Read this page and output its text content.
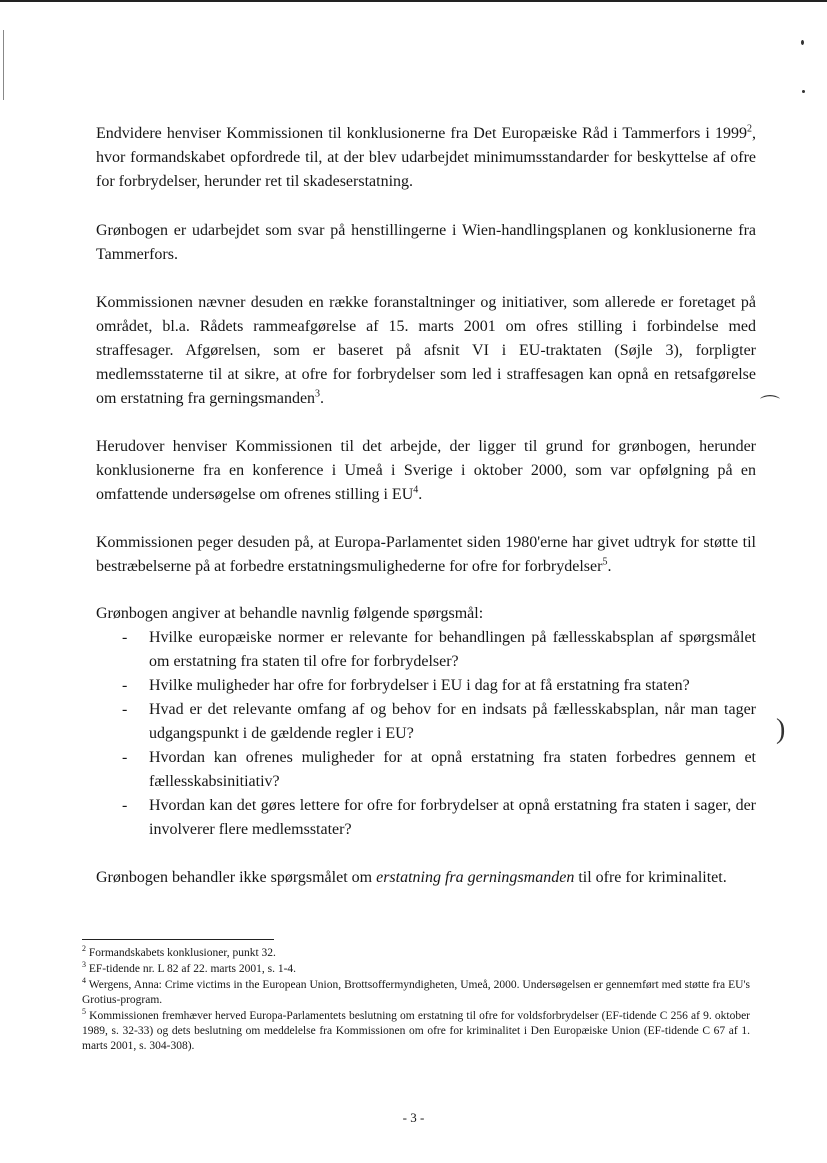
⌒
)

Endvidere henviser Kommissionen til konklusionerne fra Det Europæiske Råd i Tammerfors i 1999$^2$, hvor formandskabet opfordrede til, at der blev udarbejdet minimumsstandarder for beskyttelse af ofre for forbrydelser, herunder ret til skadeserstatning.

Grønbogen er udarbejdet som svar på henstillingerne i Wien-handlingsplanen og konklusionerne fra Tammerfors.

Kommissionen nævner desuden en række foranstaltninger og initiativer, som allerede er foretaget på området, bl.a. Rådets rammeafgørelse af 15. marts 2001 om ofres stilling i forbindelse med straffesager. Afgørelsen, som er baseret på afsnit VI i EU-traktaten (Søjle 3), forpligter medlemsstaterne til at sikre, at ofre for forbrydelser som led i straffesagen kan opnå en retsafgørelse om erstatning fra gerningsmanden$^3$.

Herudover henviser Kommissionen til det arbejde, der ligger til grund for grønbogen, herunder konklusionerne fra en konference i Umeå i Sverige i oktober 2000, som var opfølgning på en omfattende undersøgelse om ofrenes stilling i $EU^4$.

Kommissionen peger desuden på, at Europa-Parlamentet siden 1980'erne har givet udtryk for støtte til bestræbelserne på at forbedre erstatningsmulighederne for ofre for forbrydelser$^5$.

Grønbogen angiver at behandle navnlig følgende spørgsmål:

- Hvilke europæiske normer er relevante for behandlingen på fællesskabsplan af spørgsmålet om erstatning fra staten til ofre for forbrydelser?
- Hvilke muligheder har ofre for forbrydelser i EU i dag for at få erstatning fra staten?
- Hvad er det relevante omfang af og behov for en indsats på fællesskabsplan, når man tager udgangspunkt i de gældende regler i EU?
- Hvordan kan ofrenes muligheder for at opnå erstatning fra staten forbedres gennem et fællesskabsinitiativ?
- Hvordan kan det gøres lettere for ofre for forbrydelser at opnå erstatning fra staten i sager, der involverer flere medlemsstater?

Grønbogen behandler ikke spørgsmålet om erstatning fra gerningsmanden til ofre for kriminalitet.

$^2$ Formandskabets konklusioner, punkt 32.

$^3$ EF-tidende nr. L 82 af 22. marts 2001, s. 1-4.

$^4$ Wergens, Anna: Crime victims in the European Union, Brottsoffermyndigheten, Umeå, 2000. Undersøgelsen er gennemført med støtte fra EU's Grotius-program.

$^5$ Kommissionen fremhæver herved Europa-Parlamentets beslutning om erstatning til ofre for voldsforbrydelser (EF-tidende C 256 af 9. oktober 1989, s. 32-33) og dets beslutning om meddelelse fra Kommissionen om ofre for kriminalitet i Den Europæiske Union (EF-tidende C 67 af 1. marts 2001, s. 304-308).

- 3 -
